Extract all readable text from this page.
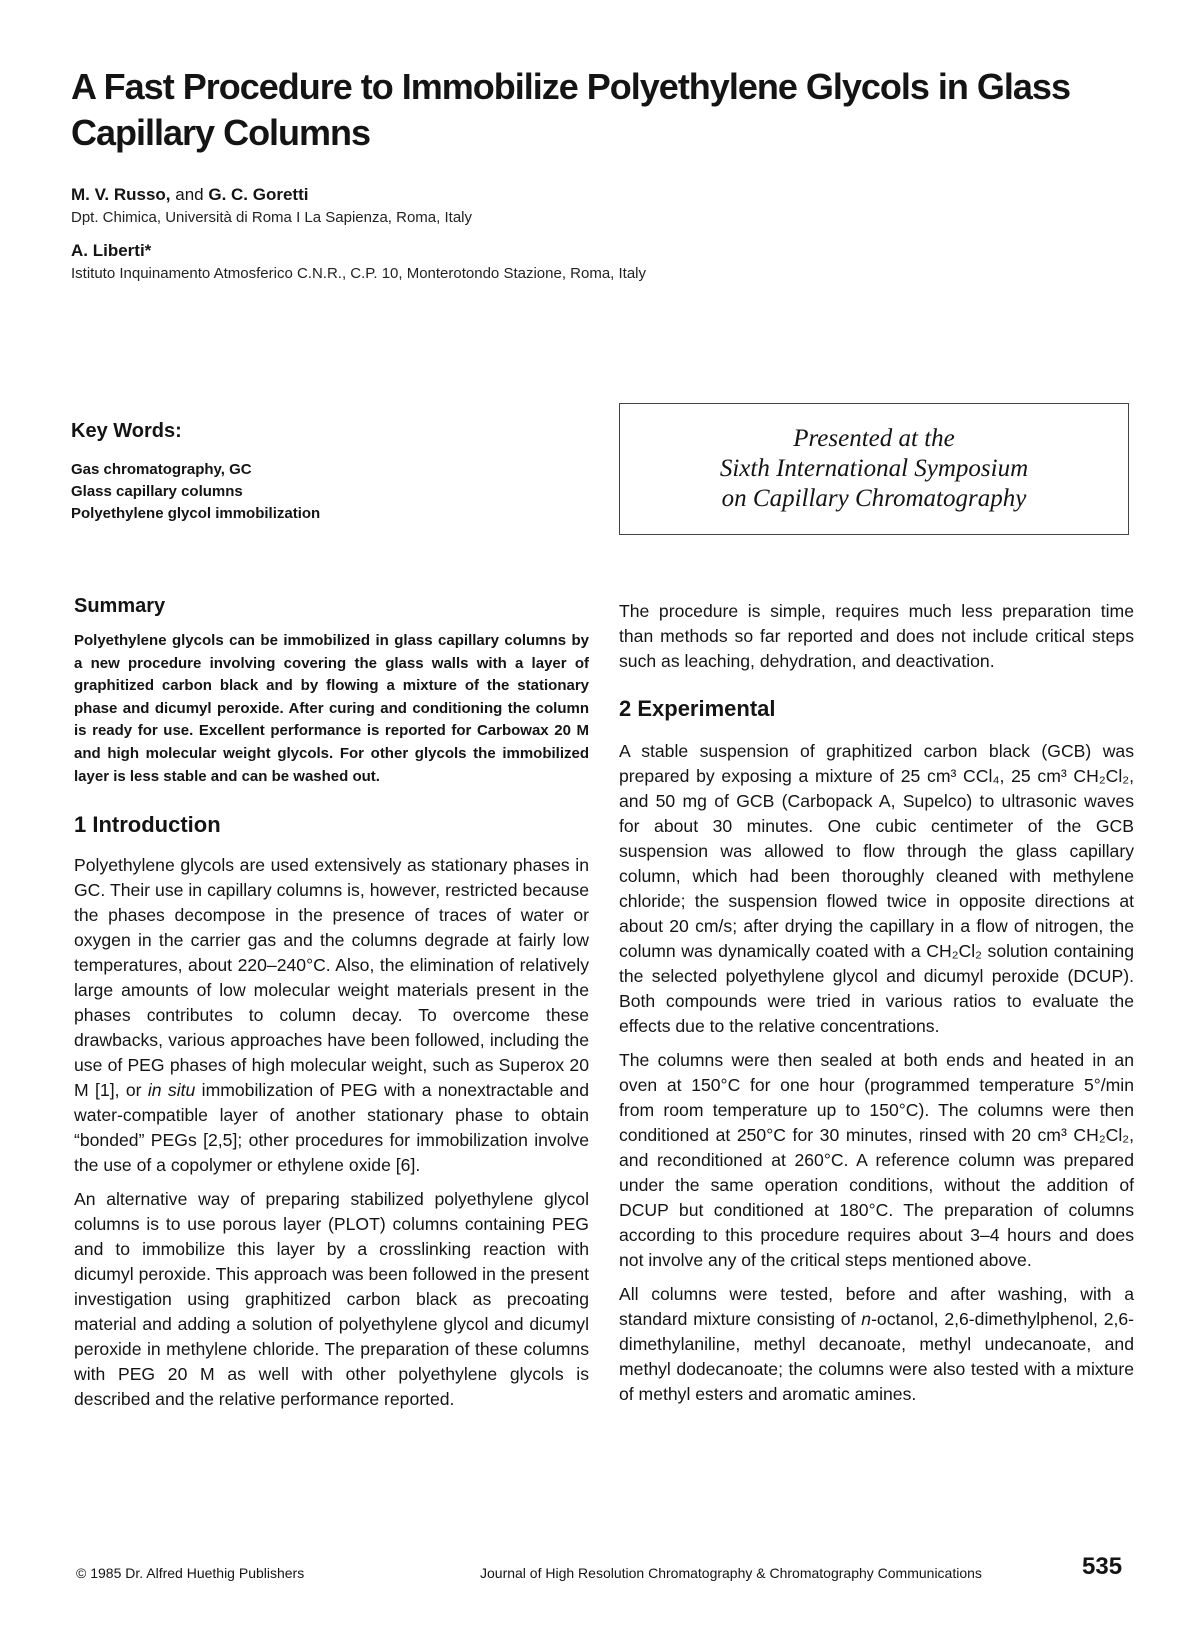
A Fast Procedure to Immobilize Polyethylene Glycols in Glass Capillary Columns

M. V. Russo, and G. C. Goretti

Dpt. Chimica, Università di Roma I La Sapienza, Roma, Italy

A. Liberti*

Istituto Inquinamento Atmosferico C.N.R., C.P. 10, Monterotondo Stazione, Roma, Italy

Key Words:
Gas chromatography, GC
Glass capillary columns
Polyethylene glycol immobilization
Presented at the
Sixth International Symposium
on Capillary Chromatography
Summary

Polyethylene glycols can be immobilized in glass capillary columns by a new procedure involving covering the glass walls with a layer of graphitized carbon black and by flowing a mixture of the stationary phase and dicumyl peroxide. After curing and conditioning the column is ready for use. Excellent performance is reported for Carbowax 20 M and high molecular weight glycols. For other glycols the immobilized layer is less stable and can be washed out.

1 Introduction

Polyethylene glycols are used extensively as stationary phases in GC. Their use in capillary columns is, however, restricted because the phases decompose in the presence of traces of water or oxygen in the carrier gas and the columns degrade at fairly low temperatures, about 220–240°C. Also, the elimination of relatively large amounts of low molecular weight materials present in the phases contributes to column decay. To overcome these drawbacks, various approaches have been followed, including the use of PEG phases of high molecular weight, such as Superox 20 M [1], or in situ immobilization of PEG with a nonextractable and water-compatible layer of another stationary phase to obtain “bonded” PEGs [2,5]; other procedures for immobilization involve the use of a copolymer or ethylene oxide [6].

An alternative way of preparing stabilized polyethylene glycol columns is to use porous layer (PLOT) columns containing PEG and to immobilize this layer by a crosslinking reaction with dicumyl peroxide. This approach was been followed in the present investigation using graphitized carbon black as precoating material and adding a solution of polyethylene glycol and dicumyl peroxide in methylene chloride. The preparation of these columns with PEG 20 M as well with other polyethylene glycols is described and the relative performance reported.

The procedure is simple, requires much less preparation time than methods so far reported and does not include critical steps such as leaching, dehydration, and deactivation.

2 Experimental

A stable suspension of graphitized carbon black (GCB) was prepared by exposing a mixture of 25 cm³ CCl₄, 25 cm³ CH₂Cl₂, and 50 mg of GCB (Carbopack A, Supelco) to ultrasonic waves for about 30 minutes. One cubic centimeter of the GCB suspension was allowed to flow through the glass capillary column, which had been thoroughly cleaned with methylene chloride; the suspension flowed twice in opposite directions at about 20 cm/s; after drying the capillary in a flow of nitrogen, the column was dynamically coated with a CH₂Cl₂ solution containing the selected polyethylene glycol and dicumyl peroxide (DCUP). Both compounds were tried in various ratios to evaluate the effects due to the relative concentrations.

The columns were then sealed at both ends and heated in an oven at 150°C for one hour (programmed temperature 5°/min from room temperature up to 150°C). The columns were then conditioned at 250°C for 30 minutes, rinsed with 20 cm³ CH₂Cl₂, and reconditioned at 260°C. A reference column was prepared under the same operation conditions, without the addition of DCUP but conditioned at 180°C. The preparation of columns according to this procedure requires about 3–4 hours and does not involve any of the critical steps mentioned above.

All columns were tested, before and after washing, with a standard mixture consisting of n-octanol, 2,6-dimethylphenol, 2,6-dimethylaniline, methyl decanoate, methyl undecanoate, and methyl dodecanoate; the columns were also tested with a mixture of methyl esters and aromatic amines.

© 1985 Dr. Alfred Huethig Publishers	Journal of High Resolution Chromatography & Chromatography Communications	535
